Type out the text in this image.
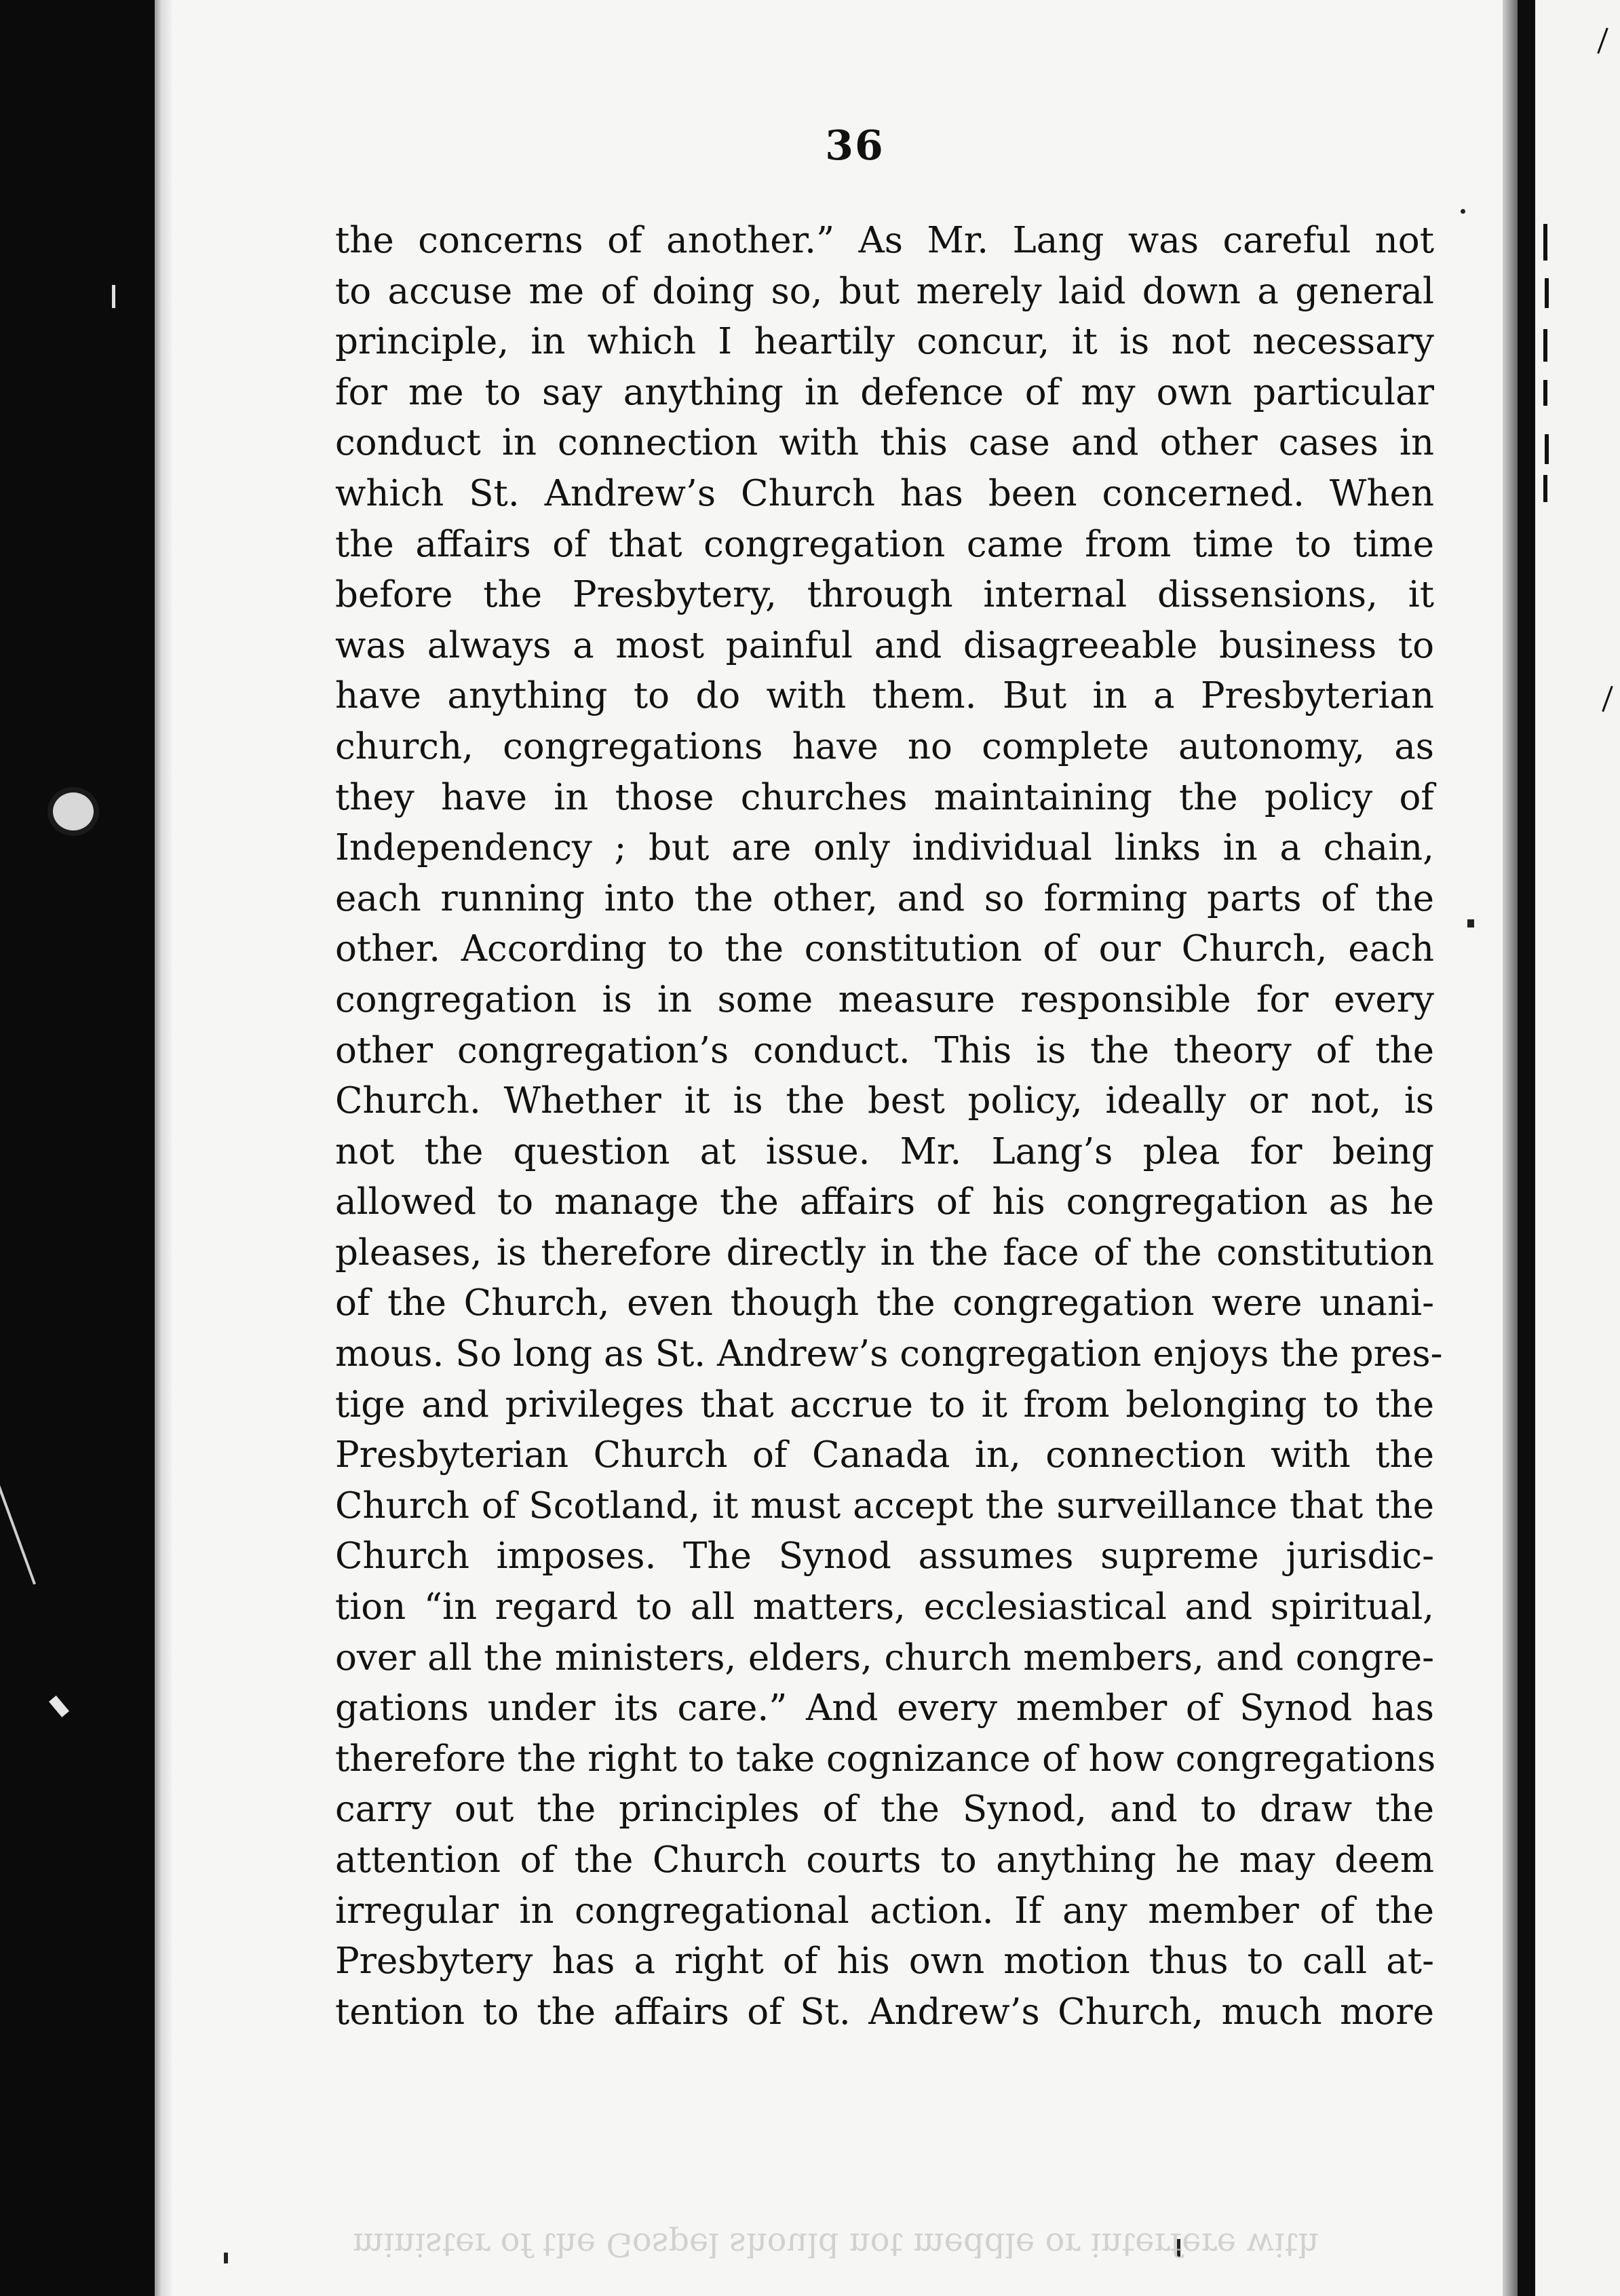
36
the concerns of another.” As Mr. Lang was careful not
to accuse me of doing so, but merely laid down a general
principle, in which I heartily concur, it is not necessary
for me to say anything in defence of my own particular
conduct in connection with this case and other cases in
which St. Andrew’s Church has been concerned. When
the affairs of that congregation came from time to time
before the Presbytery, through internal dissensions, it
was always a most painful and disagreeable business to
have anything to do with them. But in a Presbyterian
church, congregations have no complete autonomy, as
they have in those churches maintaining the policy of
Independency ; but are only individual links in a chain,
each running into the other, and so forming parts of the
other. According to the constitution of our Church, each
congregation is in some measure responsible for every
other congregation’s conduct. This is the theory of the
Church. Whether it is the best policy, ideally or not, is
not the question at issue. Mr. Lang’s plea for being
allowed to manage the affairs of his congregation as he
pleases, is therefore directly in the face of the constitution
of the Church, even though the congregation were unani-
mous. So long as St. Andrew’s congregation enjoys the pres-
tige and privileges that accrue to it from belonging to the
Presbyterian Church of Canada in, connection with the
Church of Scotland, it must accept the surveillance that the
Church imposes. The Synod assumes supreme jurisdic-
tion “in regard to all matters, ecclesiastical and spiritual,
over all the ministers, elders, church members, and congre-
gations under its care.” And every member of Synod has
therefore the right to take cognizance of how congregations
carry out the principles of the Synod, and to draw the
attention of the Church courts to anything he may deem
irregular in congregational action. If any member of the
Presbytery has a right of his own motion thus to call at-
tention to the affairs of St. Andrew’s Church, much more
minister of the Gospel should not meddle or interfere with
